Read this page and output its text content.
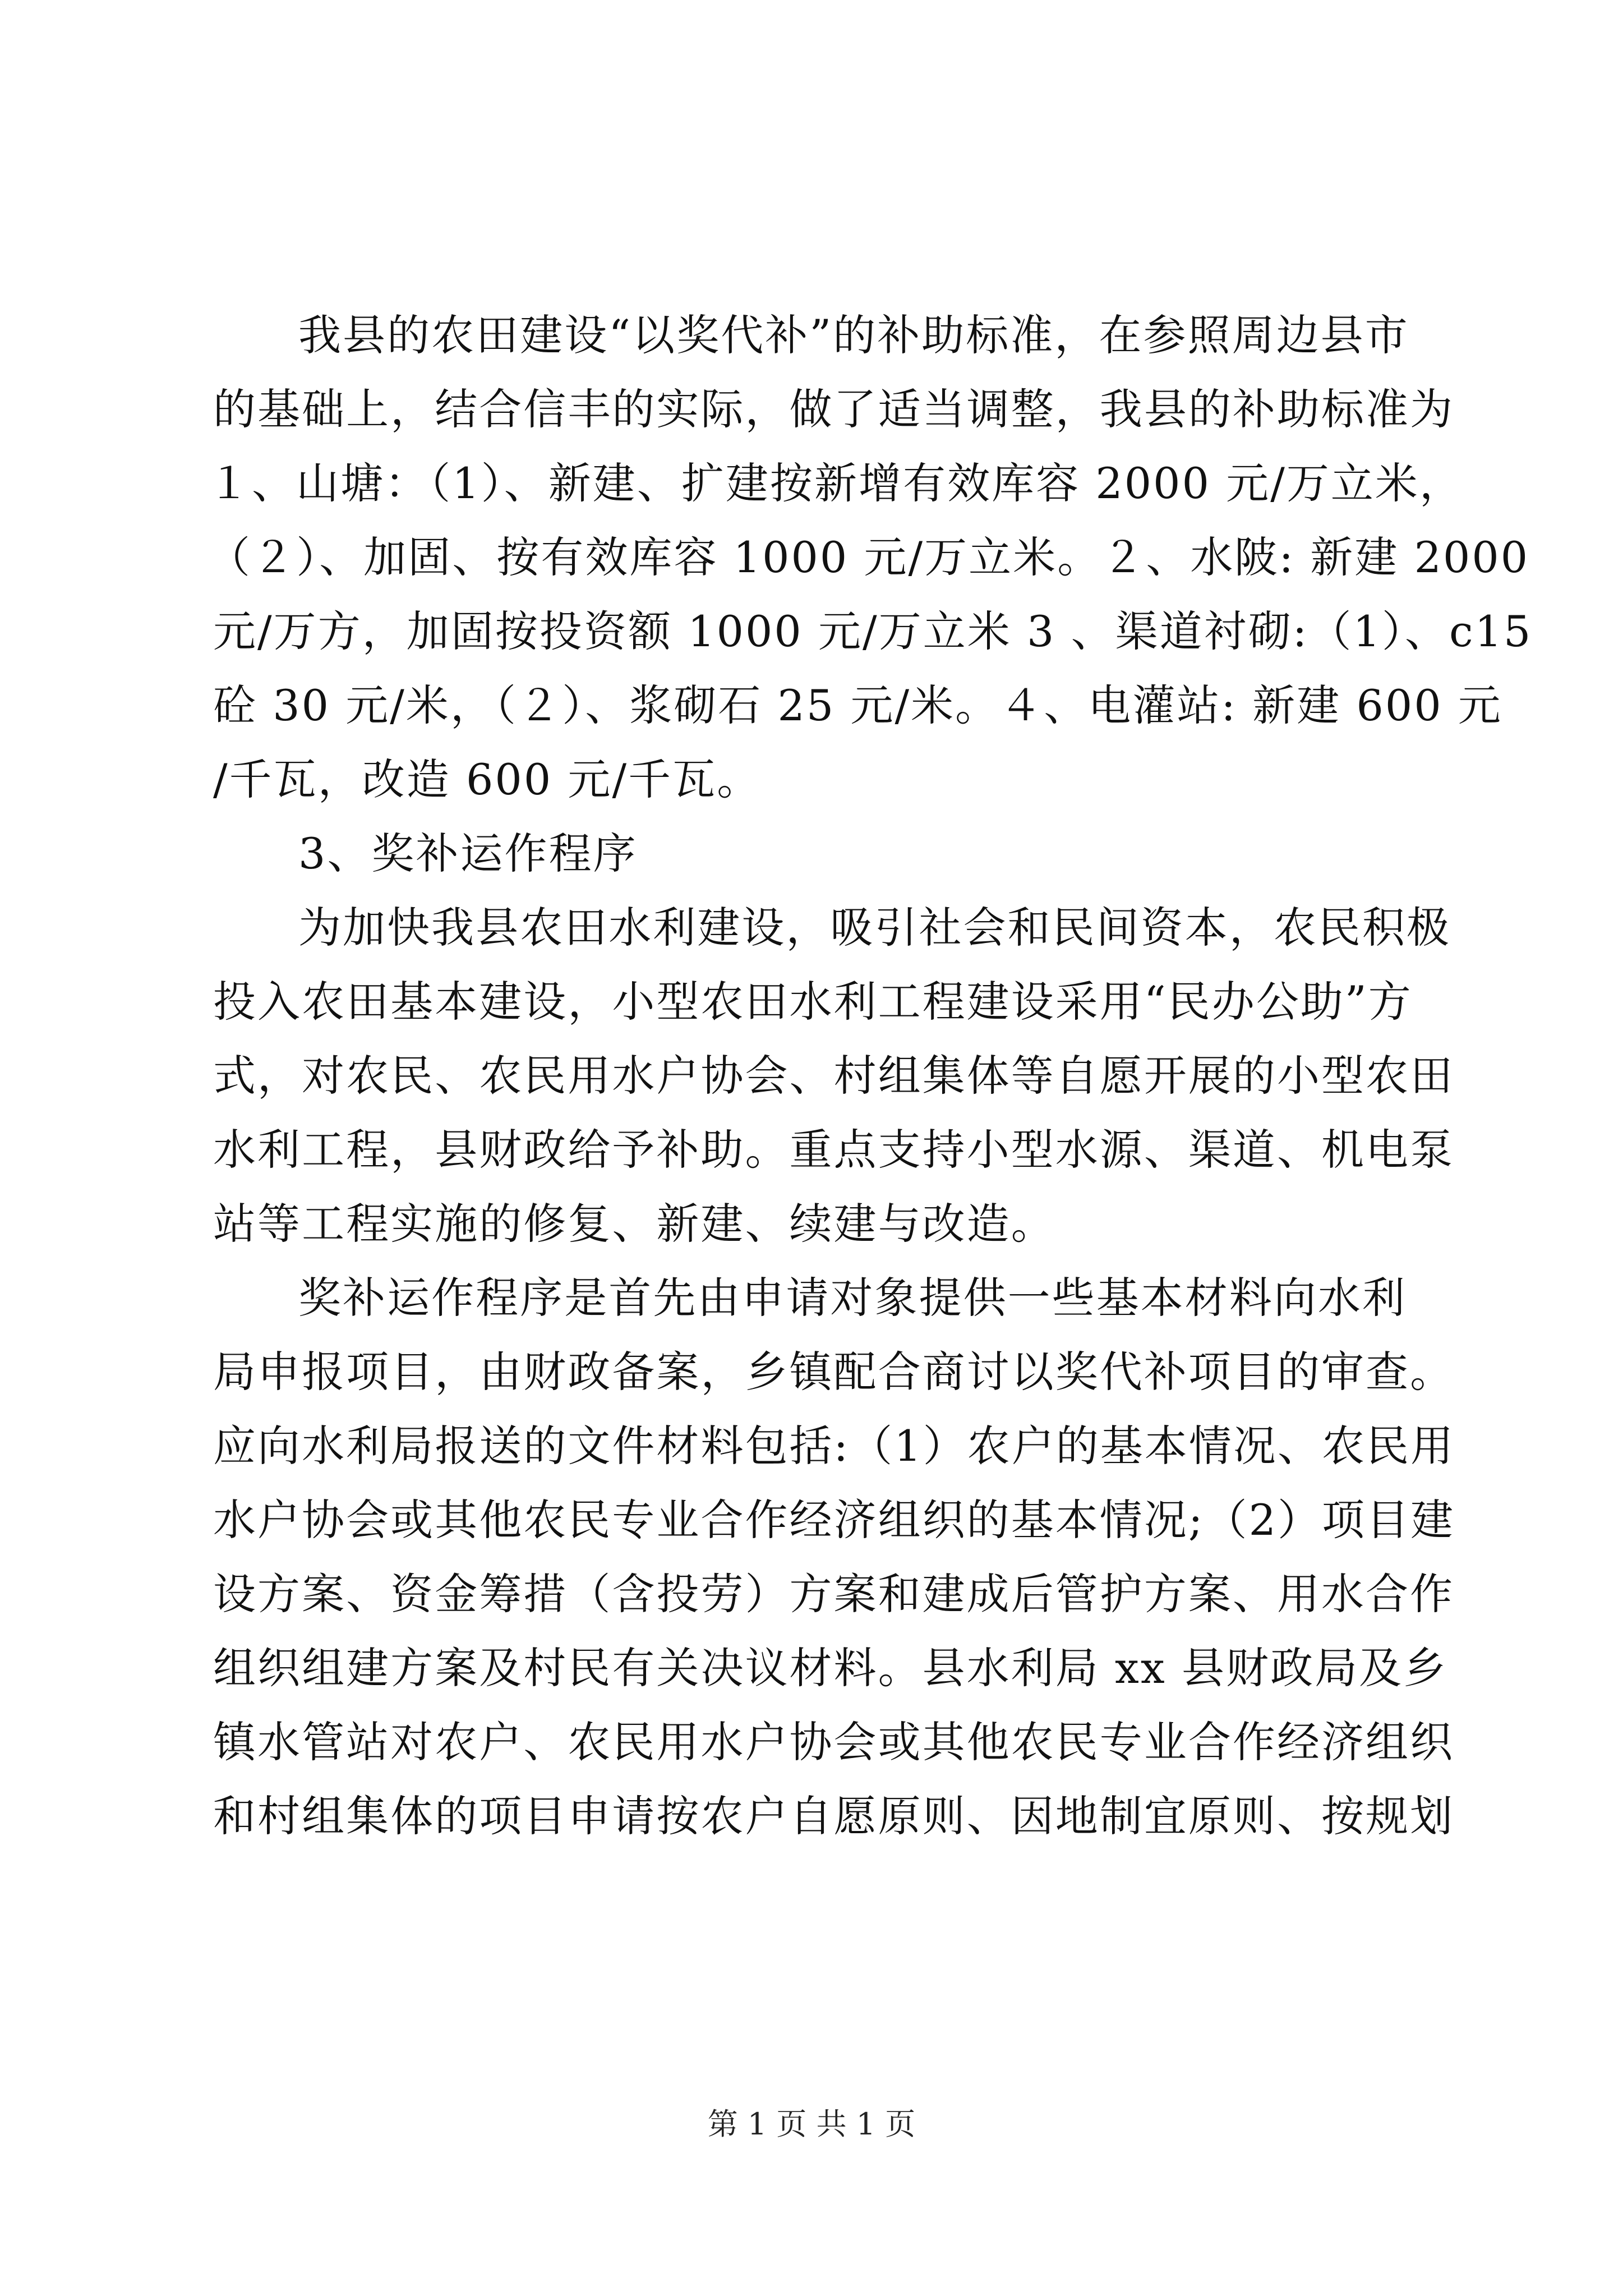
我县的农田建设“以奖代补”的补助标准，在参照周边县市
的基础上，结合信丰的实际，做了适当调整，我县的补助标准为
１、山塘：（1）、新建、扩建按新增有效库容 2000 元/万立米，
（２）、加固、按有效库容 1000 元/万立米。２、水陂: 新建 2000
元/万方，加固按投资额 1000 元/万立米 3 、渠道衬砌:（1）、c15
砼 30 元/米，（２）、浆砌石 25 元/米。４、电灌站: 新建 600 元
/千瓦，改造 600 元/千瓦。
3、奖补运作程序
为加快我县农田水利建设，吸引社会和民间资本，农民积极
投入农田基本建设，小型农田水利工程建设采用“民办公助”方
式，对农民、农民用水户协会、村组集体等自愿开展的小型农田
水利工程，县财政给予补助。重点支持小型水源、渠道、机电泵
站等工程实施的修复、新建、续建与改造。
奖补运作程序是首先由申请对象提供一些基本材料向水利
局申报项目，由财政备案，乡镇配合商讨以奖代补项目的审查。
应向水利局报送的文件材料包括:（1）农户的基本情况、农民用
水户协会或其他农民专业合作经济组织的基本情况;（2）项目建
设方案、资金筹措（含投劳）方案和建成后管护方案、用水合作
组织组建方案及村民有关决议材料。县水利局 xx 县财政局及乡
镇水管站对农户、农民用水户协会或其他农民专业合作经济组织
和村组集体的项目申请按农户自愿原则、因地制宜原则、按规划
第 1 页 共 1 页
